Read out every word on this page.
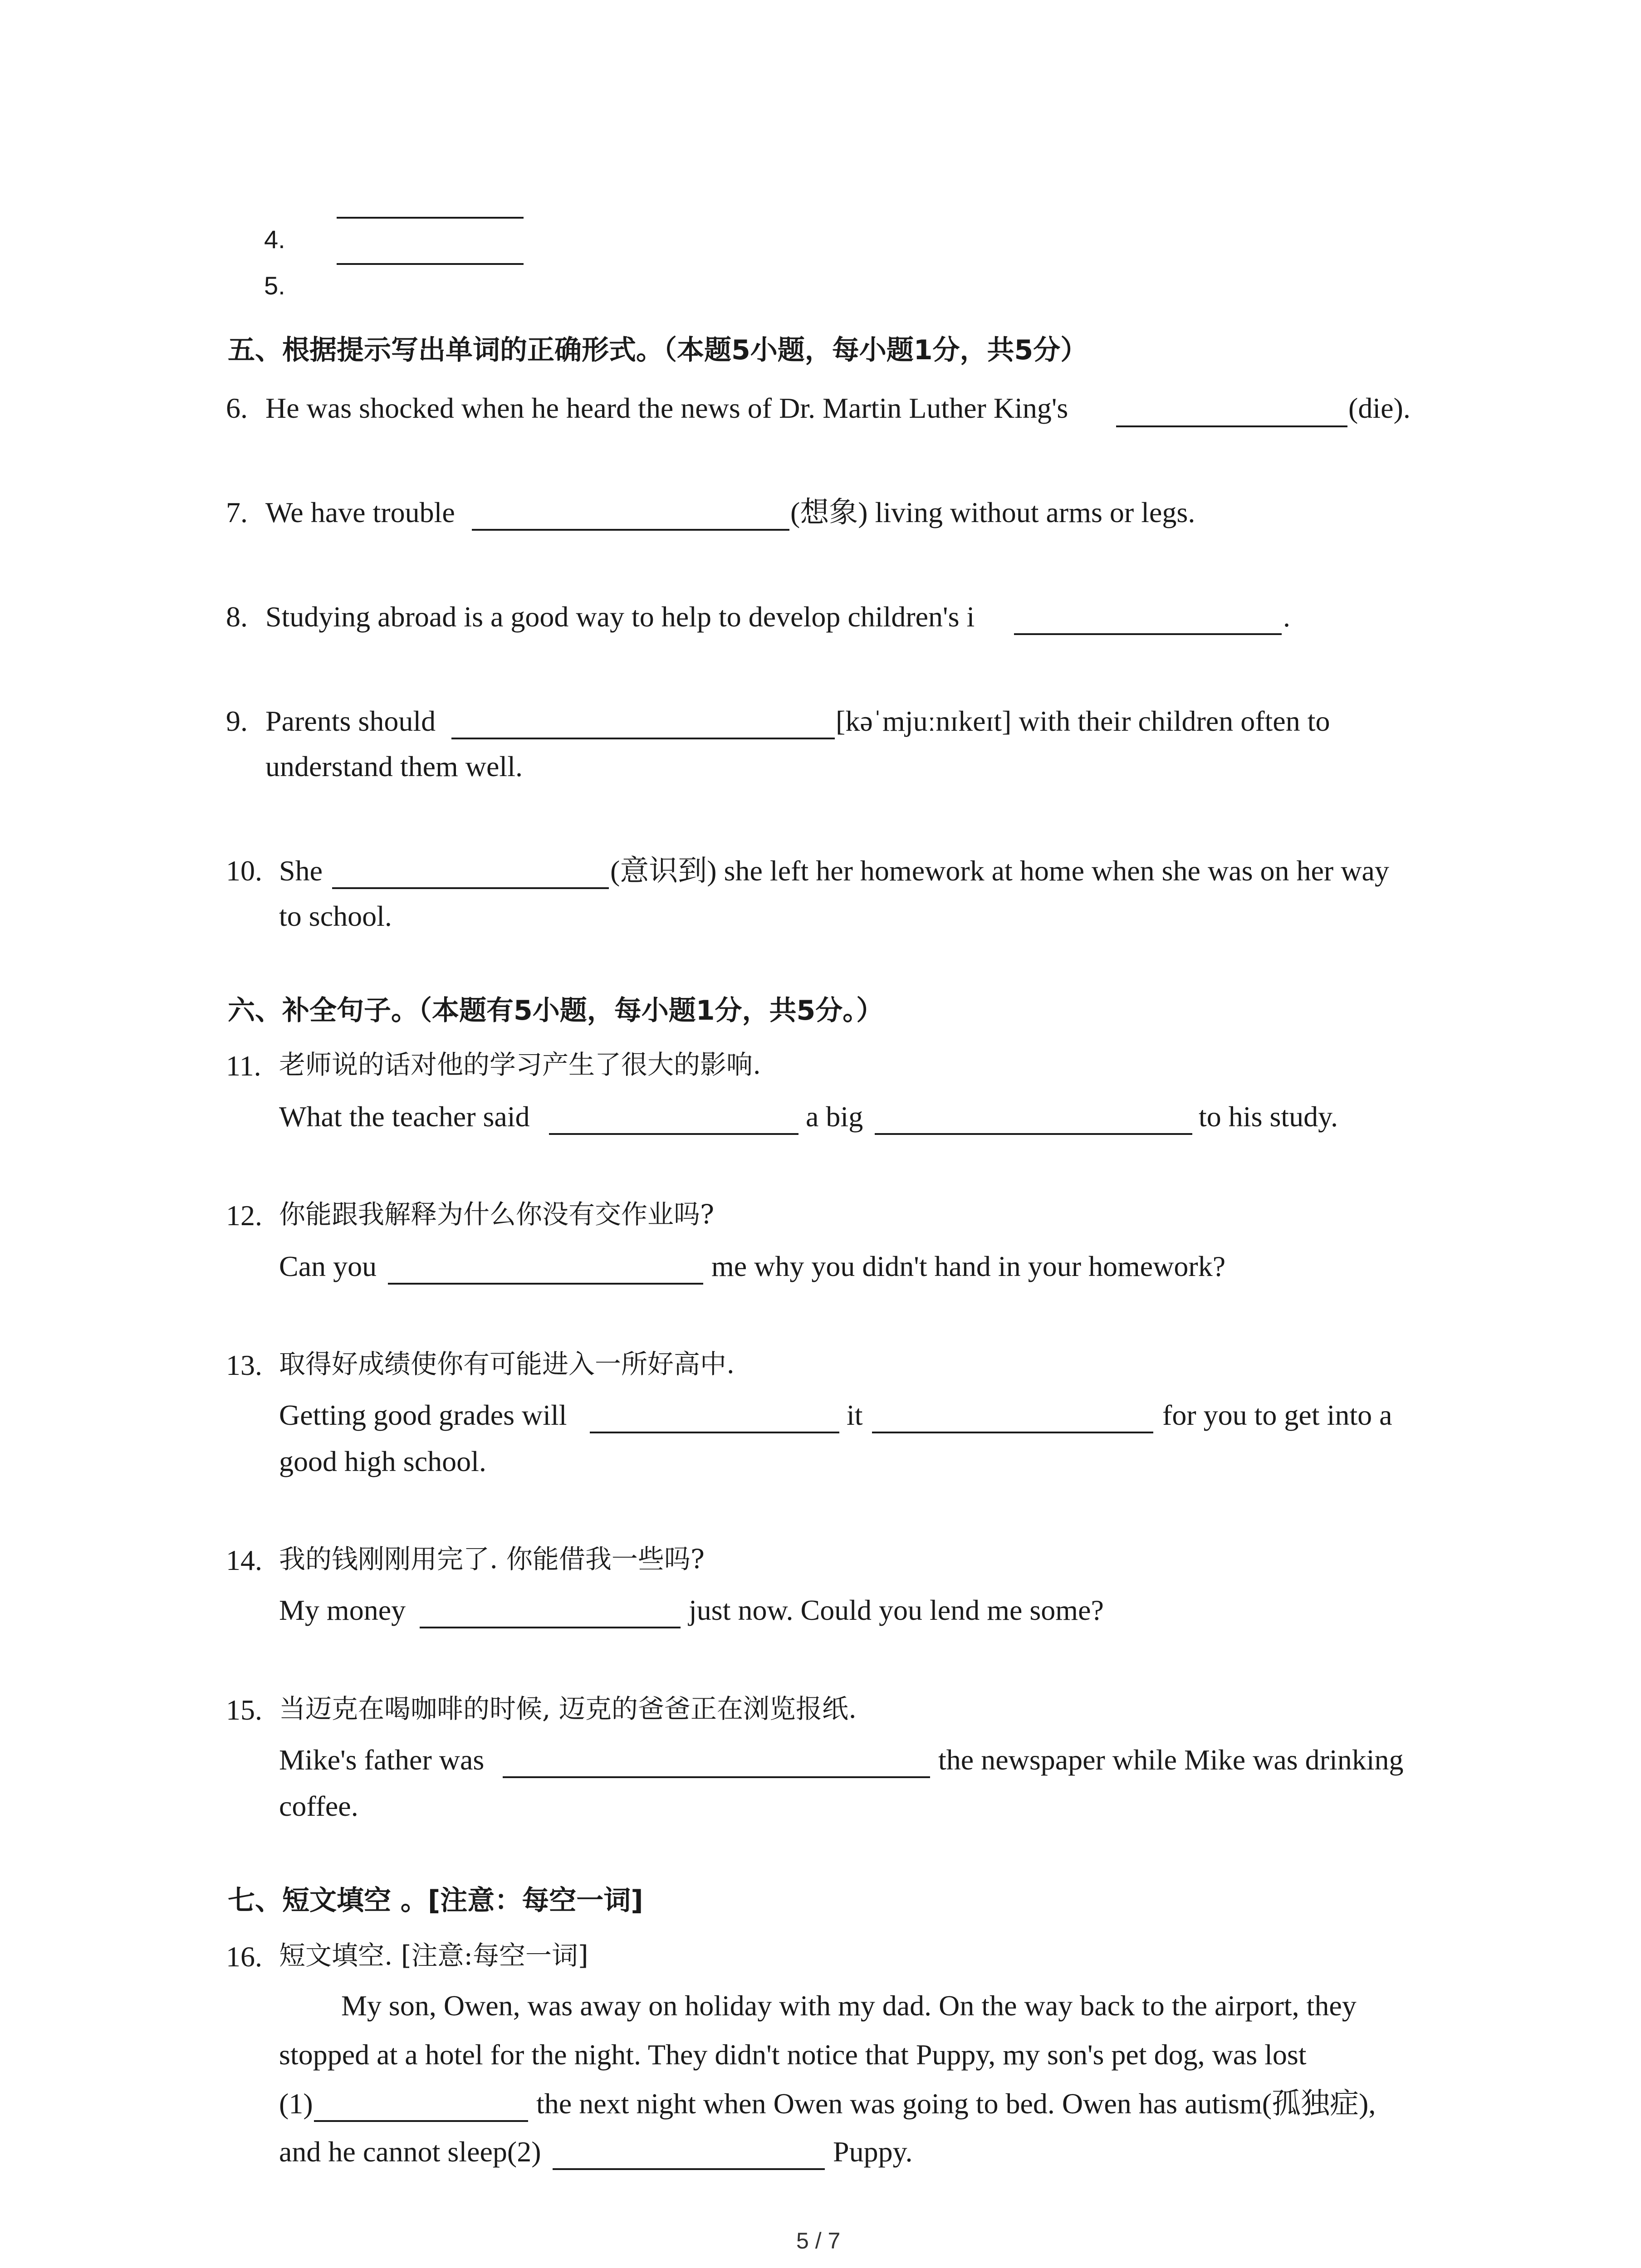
4.
5.
五、根据提示写出单词的正确形式。（本题5小题，每小题1分，共5分）
6. He was shocked when he heard the news of Dr. Martin Luther King's	(die).
7. We have trouble	(想象) living without arms or legs.
8. Studying abroad is a good way to help to develop children's i	.
9. Parents should	[kəˈmjuːnɪkeɪt] with their children often to
understand them well.
10. She	(意识到) she left her homework at home when she was on her way
to school.
六、补全句子。（本题有5小题，每小题1分，共5分。）
11. 老师说的话对他的学习产生了很大的影响.
What the teacher said	a big	to his study.
12. 你能跟我解释为什么你没有交作业吗?
Can you	me why you didn't hand in your homework?
13. 取得好成绩使你有可能进入一所好高中.
Getting good grades will	it	for you to get into a
good high school.
14. 我的钱刚刚用完了. 你能借我一些吗?
My money	just now. Could you lend me some?
15. 当迈克在喝咖啡的时候, 迈克的爸爸正在浏览报纸.
Mike's father was	the newspaper while Mike was drinking
coffee.
七、短文填空 。[注意：每空一词]
16. 短文填空. [注意:每空一词]
My son, Owen, was away on holiday with my dad. On the way back to the airport, they
stopped at a hotel for the night. They didn't notice that Puppy, my son's pet dog, was lost
(1)	the next night when Owen was going to bed. Owen has autism(孤独症),
and he cannot sleep(2)	Puppy.
5 / 7
